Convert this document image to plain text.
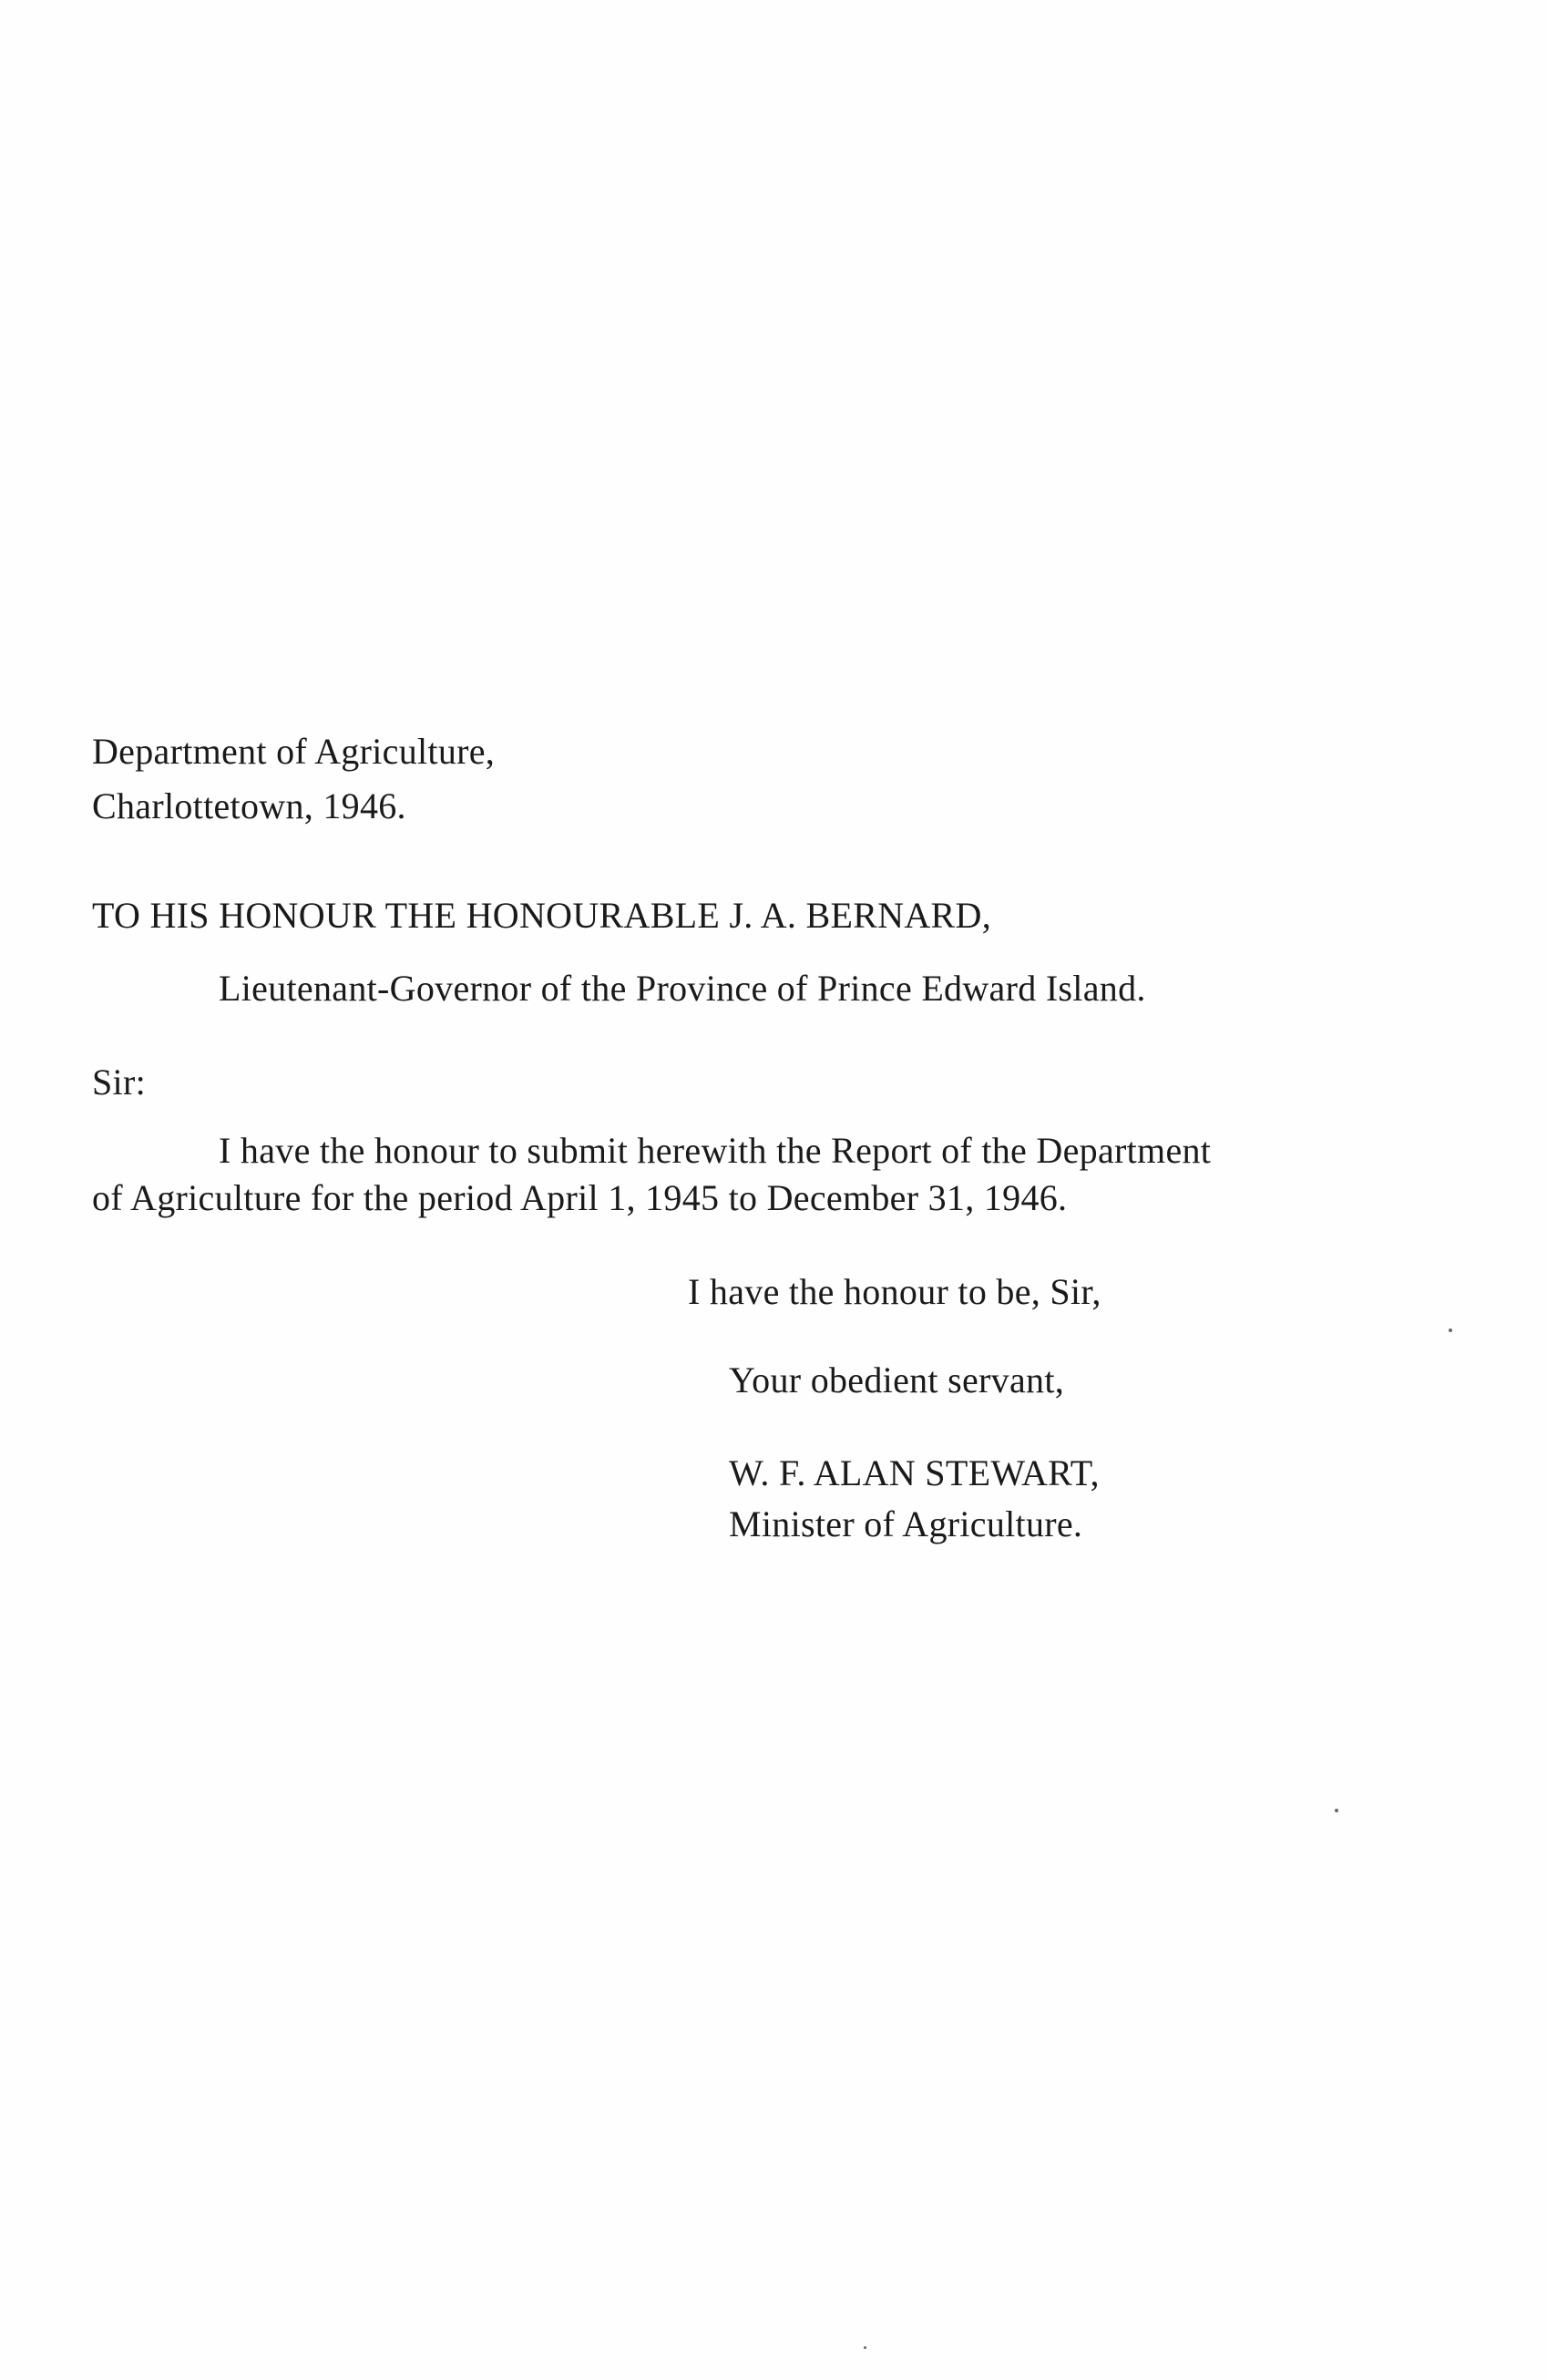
Department of Agriculture,
Charlottetown, 1946.
TO HIS HONOUR THE HONOURABLE J. A. BERNARD,
Lieutenant-Governor of the Province of Prince Edward Island.
Sir:
I have the honour to submit herewith the Report of the Department
of Agriculture for the period April 1, 1945 to December 31, 1946.
I have the honour to be, Sir,
Your obedient servant,
W. F. ALAN STEWART,
Minister of Agriculture.
